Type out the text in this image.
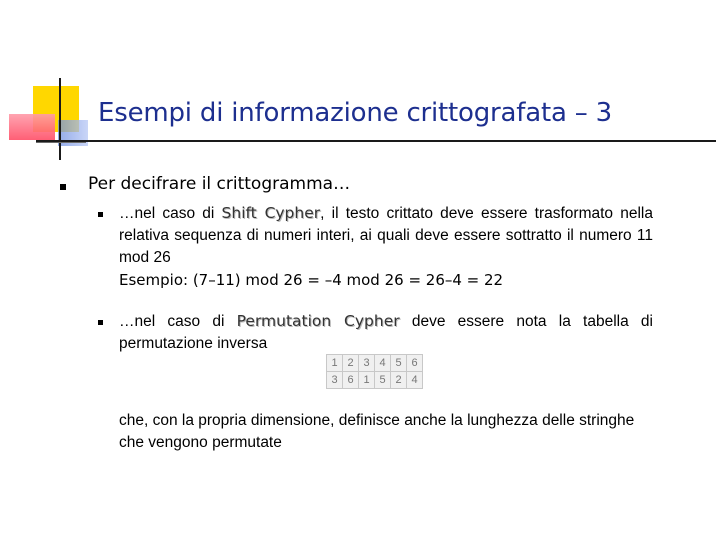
Esempi di informazione crittografata – 3
Per decifrare il crittogramma…
…nel caso di Shift Cypher, il testo crittato deve essere trasformato nella relativa sequenza di numeri interi, ai quali deve essere sottratto il numero 11 mod 26
Esempio: (7–11) mod 26 = –4 mod 26 = 26–4 = 22
…nel caso di Permutation Cypher deve essere nota la tabella di permutazione inversa
1	2	3	4	5	6
3	6	1	5	2	4
che, con la propria dimensione, definisce anche la lunghezza delle stringhe che vengono permutate
